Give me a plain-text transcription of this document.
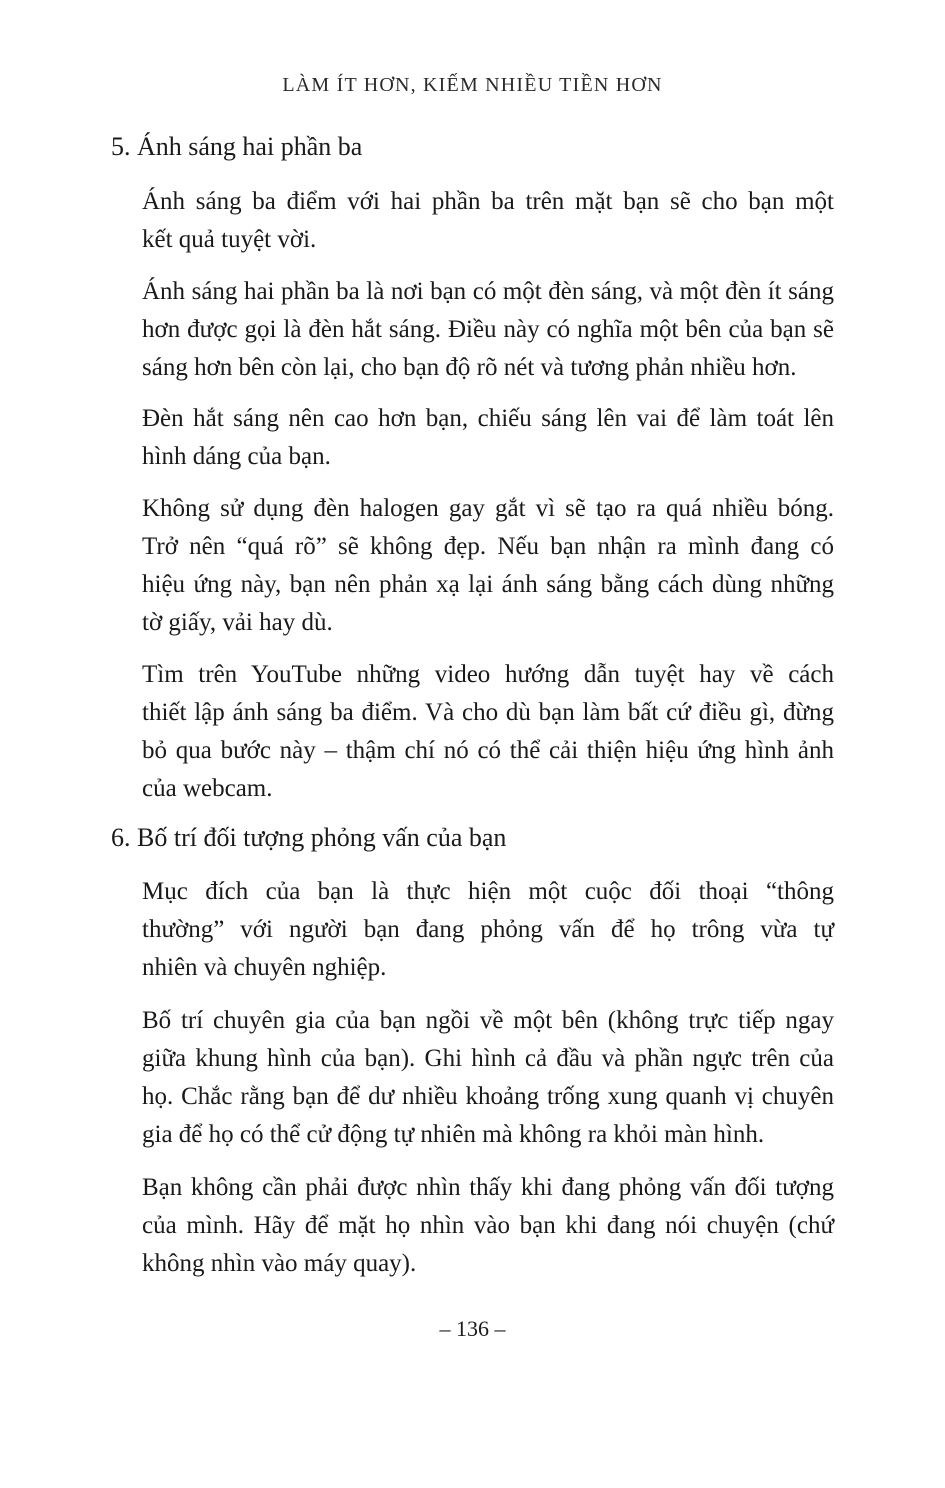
LÀM ÍT HƠN, KIẾM NHIỀU TIỀN HƠN
5. Ánh sáng hai phần ba
Ánh sáng ba điểm với hai phần ba trên mặt bạn sẽ cho bạn một
kết quả tuyệt vời.
Ánh sáng hai phần ba là nơi bạn có một đèn sáng, và một đèn ít sáng
hơn được gọi là đèn hắt sáng. Điều này có nghĩa một bên của bạn sẽ
sáng hơn bên còn lại, cho bạn độ rõ nét và tương phản nhiều hơn.
Đèn hắt sáng nên cao hơn bạn, chiếu sáng lên vai để làm toát lên
hình dáng của bạn.
Không sử dụng đèn halogen gay gắt vì sẽ tạo ra quá nhiều bóng.
Trở nên “quá rõ” sẽ không đẹp. Nếu bạn nhận ra mình đang có
hiệu ứng này, bạn nên phản xạ lại ánh sáng bằng cách dùng những
tờ giấy, vải hay dù.
Tìm trên YouTube những video hướng dẫn tuyệt hay về cách
thiết lập ánh sáng ba điểm. Và cho dù bạn làm bất cứ điều gì, đừng
bỏ qua bước này – thậm chí nó có thể cải thiện hiệu ứng hình ảnh
của webcam.
6. Bố trí đối tượng phỏng vấn của bạn
Mục đích của bạn là thực hiện một cuộc đối thoại “thông
thường” với người bạn đang phỏng vấn để họ trông vừa tự
nhiên và chuyên nghiệp.
Bố trí chuyên gia của bạn ngồi về một bên (không trực tiếp ngay
giữa khung hình của bạn). Ghi hình cả đầu và phần ngực trên của
họ. Chắc rằng bạn để dư nhiều khoảng trống xung quanh vị chuyên
gia để họ có thể cử động tự nhiên mà không ra khỏi màn hình.
Bạn không cần phải được nhìn thấy khi đang phỏng vấn đối tượng
của mình. Hãy để mặt họ nhìn vào bạn khi đang nói chuyện (chứ
không nhìn vào máy quay).
– 136 –
